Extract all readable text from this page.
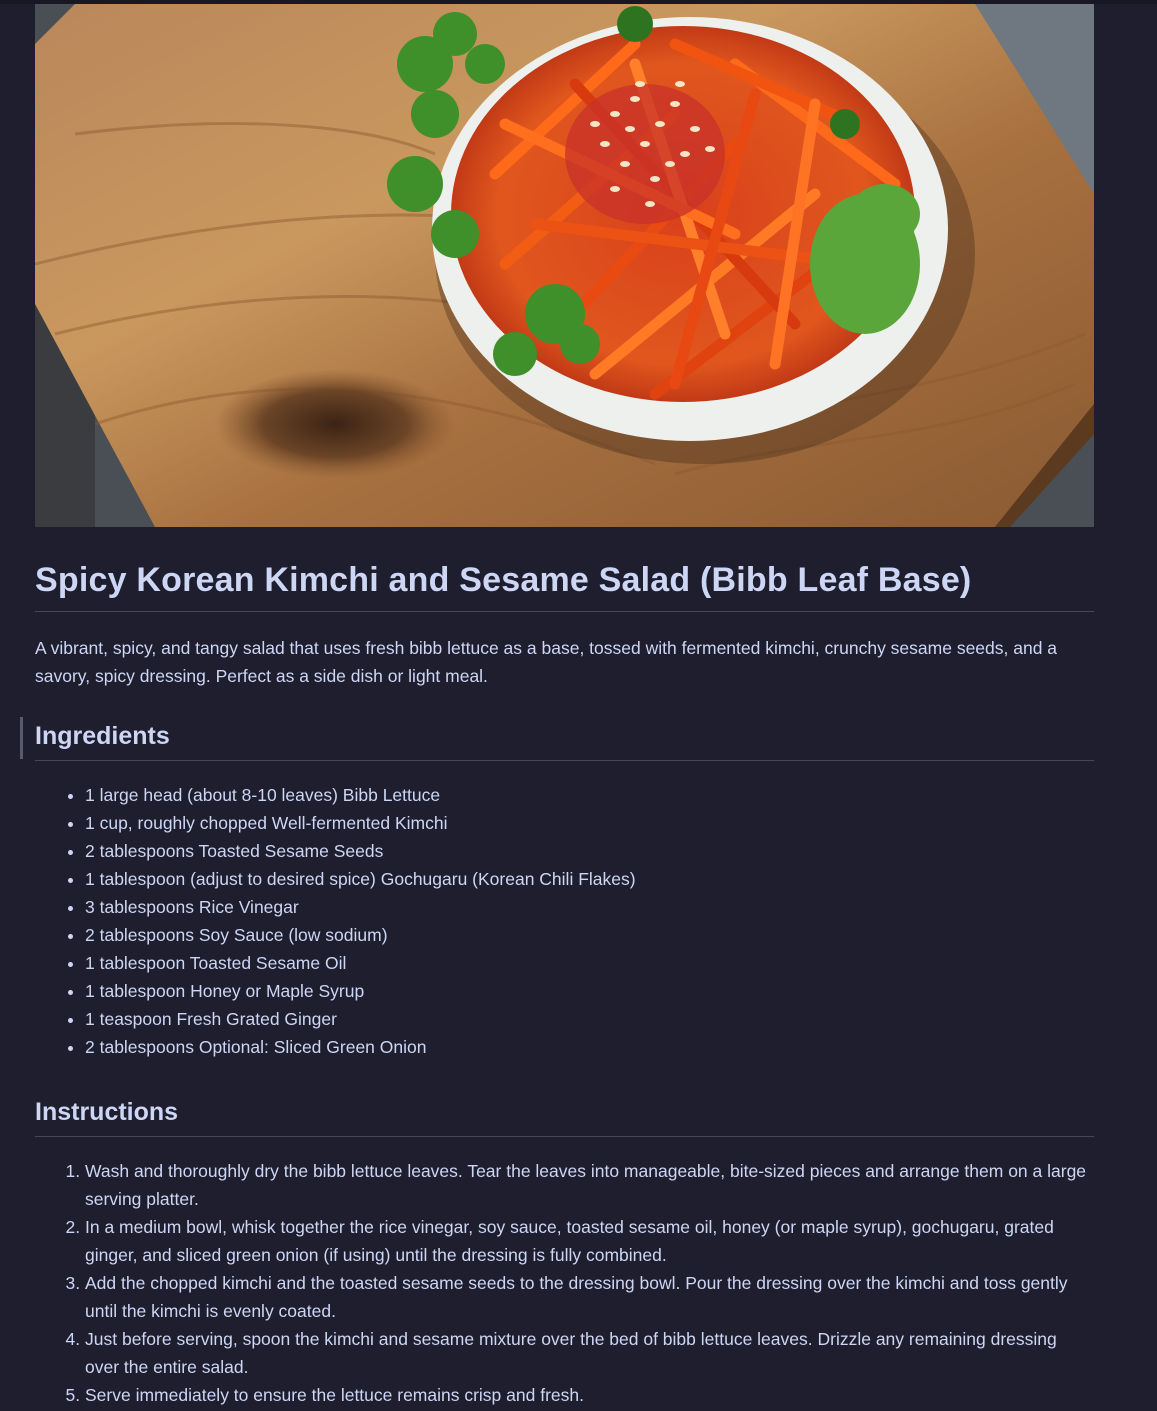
Spicy Korean Kimchi and Sesame Salad (Bibb Leaf Base)

A vibrant, spicy, and tangy salad that uses fresh bibb lettuce as a base, tossed with fermented kimchi, crunchy sesame seeds, and a savory, spicy dressing. Perfect as a side dish or light meal.

Ingredients
• 1 large head (about 8-10 leaves) Bibb Lettuce
• 1 cup, roughly chopped Well-fermented Kimchi
• 2 tablespoons Toasted Sesame Seeds
• 1 tablespoon (adjust to desired spice) Gochugaru (Korean Chili Flakes)
• 3 tablespoons Rice Vinegar
• 2 tablespoons Soy Sauce (low sodium)
• 1 tablespoon Toasted Sesame Oil
• 1 tablespoon Honey or Maple Syrup
• 1 teaspoon Fresh Grated Ginger
• 2 tablespoons Optional: Sliced Green Onion
Instructions
1. Wash and thoroughly dry the bibb lettuce leaves. Tear the leaves into manageable, bite-sized pieces and arrange them on a large serving platter.
2. In a medium bowl, whisk together the rice vinegar, soy sauce, toasted sesame oil, honey (or maple syrup), gochugaru, grated ginger, and sliced green onion (if using) until the dressing is fully combined.
3. Add the chopped kimchi and the toasted sesame seeds to the dressing bowl. Pour the dressing over the kimchi and toss gently until the kimchi is evenly coated.
4. Just before serving, spoon the kimchi and sesame mixture over the bed of bibb lettuce leaves. Drizzle any remaining dressing over the entire salad.
5. Serve immediately to ensure the lettuce remains crisp and fresh.
